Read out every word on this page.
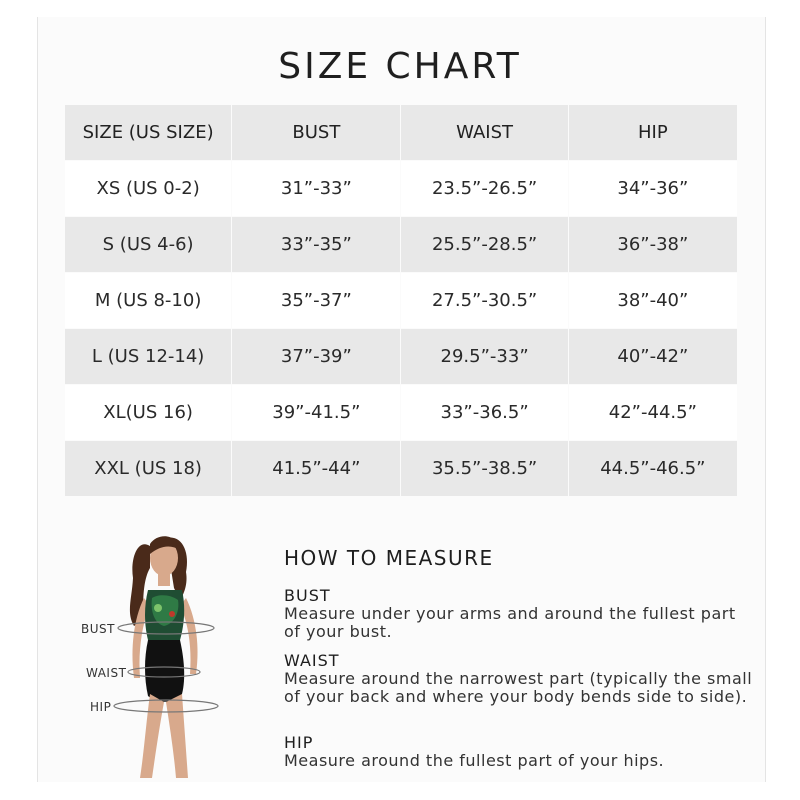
SIZE CHART
SIZE (US SIZE)	BUST	WAIST	HIP
XS (US 0-2)	31”-33”	23.5”-26.5”	34”-36”
S (US 4-6)	33”-35”	25.5”-28.5”	36”-38”
M (US 8-10)	35”-37”	27.5”-30.5”	38”-40”
L (US 12-14)	37”-39”	29.5”-33”	40”-42”
XL(US 16)	39”-41.5”	33”-36.5”	42”-44.5”
XXL (US 18)	41.5”-44”	35.5”-38.5”	44.5”-46.5”
BUST
WAIST
HIP
HOW TO MEASURE
BUST
Measure under your arms and around the fullest part of your bust.
WAIST
Measure around the narrowest part (typically the small of your back and where your body bends side to side).
HIP
Measure around the fullest part of your hips.
